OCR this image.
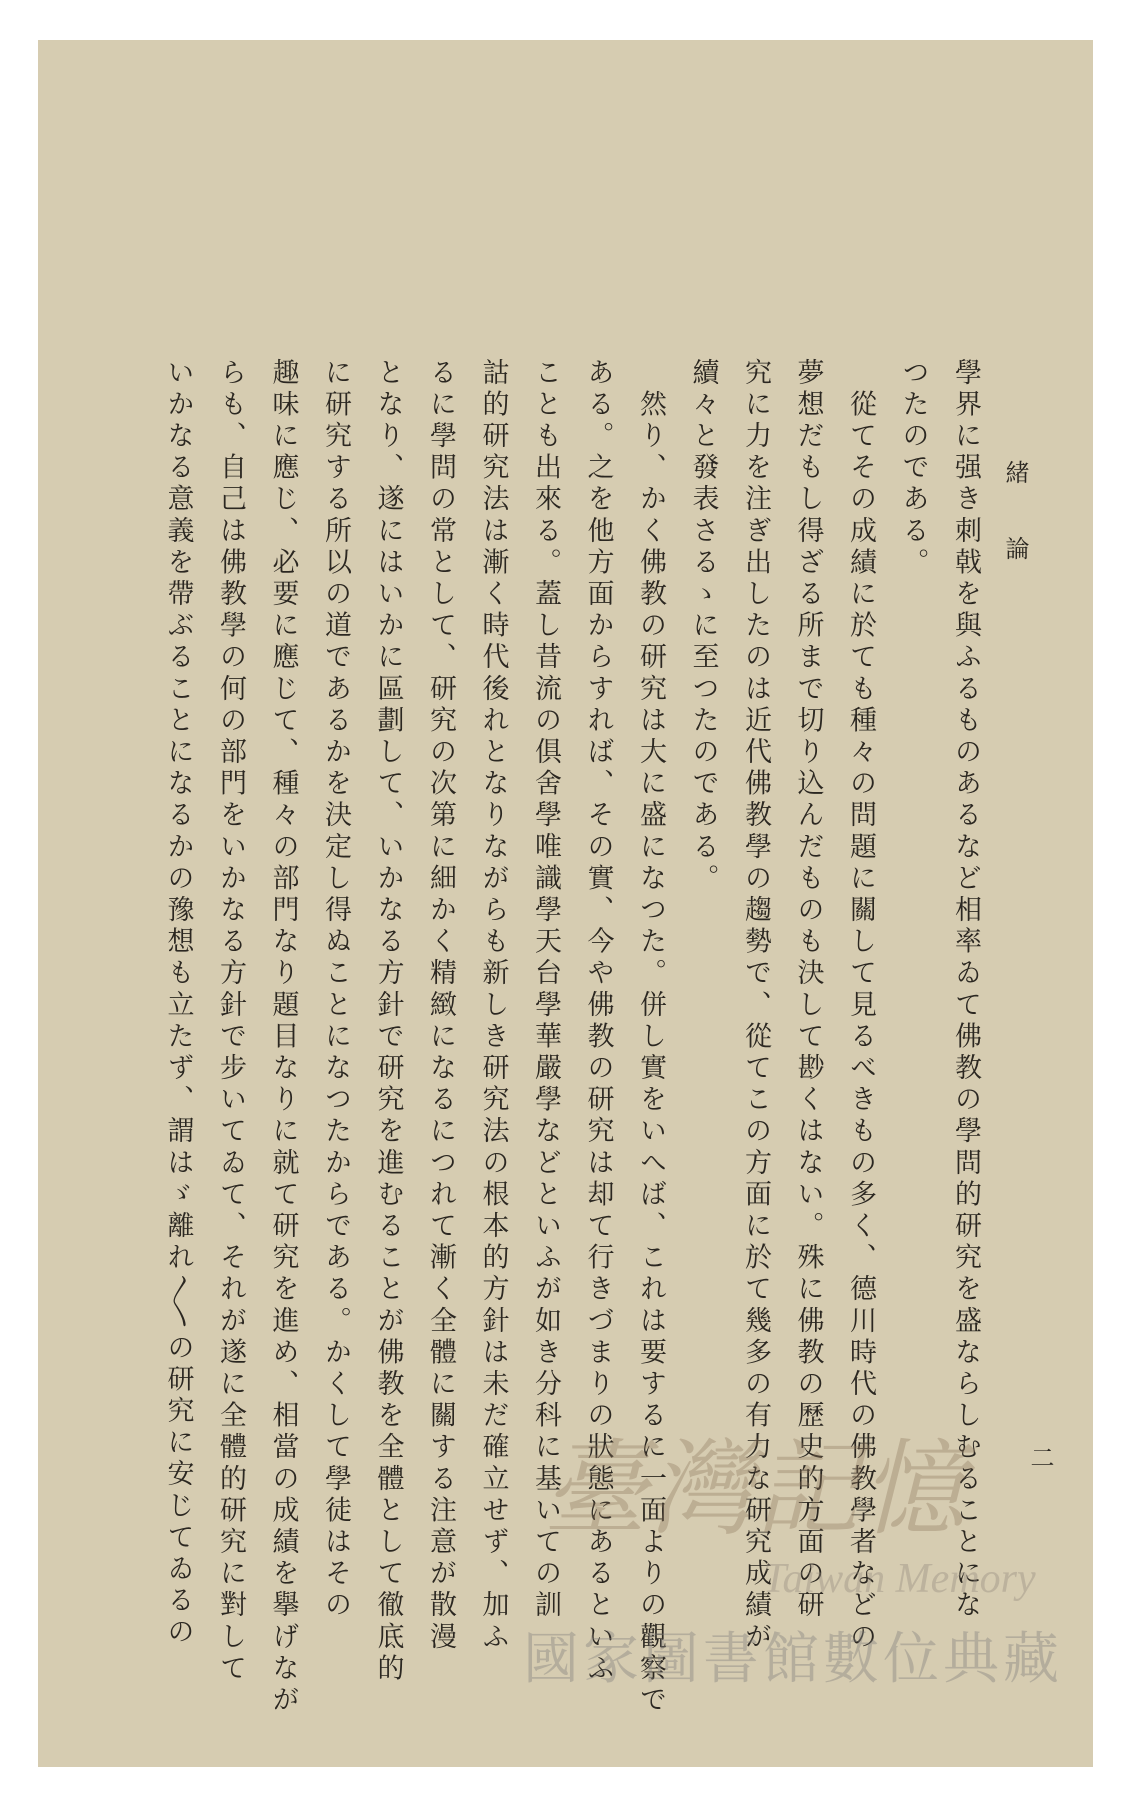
緒　論
二
學界に强き刺戟を與ふるものあるなど相率ゐて佛教の學問的研究を盛ならしむることにな
つたのである。
　從てその成績に於ても種々の問題に關して見るべきもの多く、德川時代の佛教學者などの
夢想だもし得ざる所まで切り込んだものも決して尠くはない。殊に佛教の歷史的方面の研
究に力を注ぎ出したのは近代佛教學の趨勢で、從てこの方面に於て幾多の有力な研究成績が
續々と發表さるゝに至つたのである。
　然り、かく佛教の研究は大に盛になつた。併し實をいへば、これは要するに一面よりの觀察で
ある。之を他方面からすれば、その實、今や佛教の研究は却て行きづまりの狀態にあるといふ
ことも出來る。蓋し昔流の俱舍學唯識學天台學華嚴學などといふが如き分科に基いての訓
詁的研究法は漸く時代後れとなりながらも新しき研究法の根本的方針は未だ確立せず、加ふ
るに學問の常として、研究の次第に細かく精緻になるにつれて漸く全體に關する注意が散漫
となり、遂にはいかに區劃して、いかなる方針で研究を進むることが佛教を全體として徹底的
に研究する所以の道であるかを決定し得ぬことになつたからである。かくして學徒はその
趣味に應じ、必要に應じて、種々の部門なり題目なりに就て研究を進め、相當の成績を擧げなが
らも、自己は佛教學の何の部門をいかなる方針で步いてゐて、それが遂に全體的研究に對して
いかなる意義を帶ぶることになるかの豫想も立たず、謂はゞ離れ〳〵の研究に安じてゐるの	臺灣記憶
Taiwan Memory
國家圖書館數位典藏
